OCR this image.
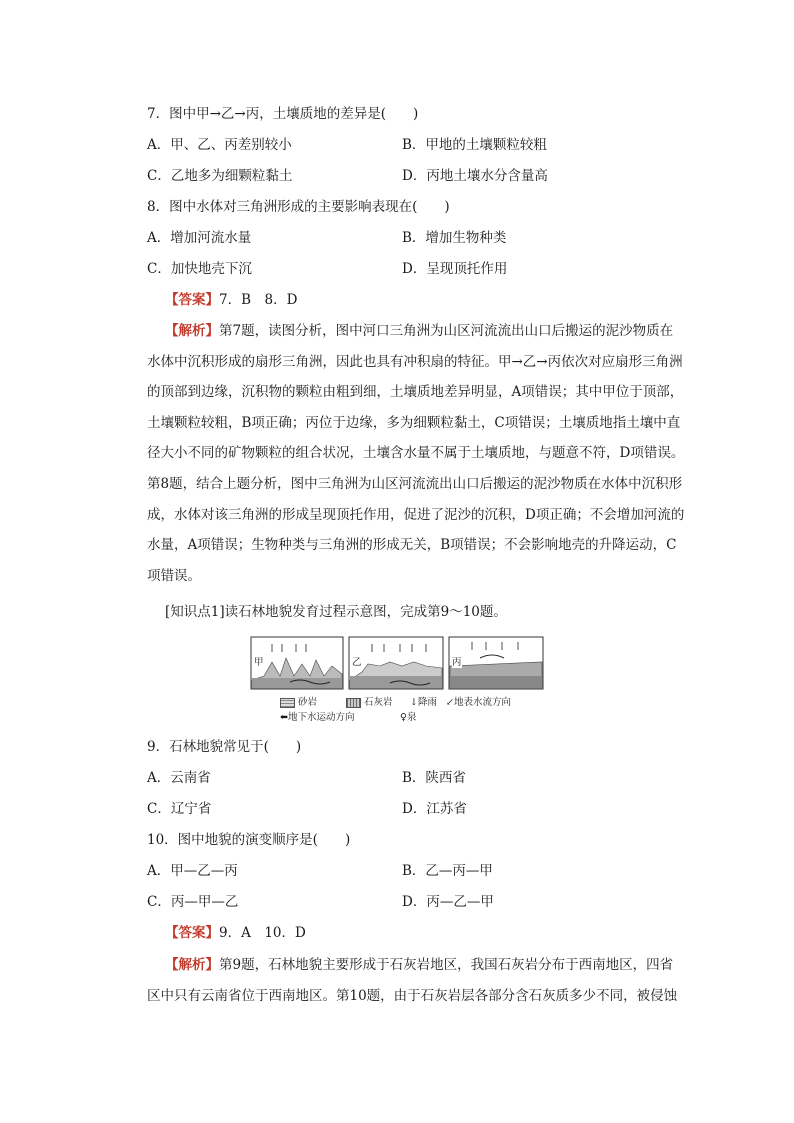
7．图中甲→乙→丙，土壤质地的差异是(　　)
A．甲、乙、丙差别较小	B．甲地的土壤颗粒较粗
C．乙地多为细颗粒黏土	D．丙地土壤水分含量高
8．图中水体对三角洲形成的主要影响表现在(　　)
A．增加河流水量	B．增加生物种类
C．加快地壳下沉	D．呈现顶托作用
【答案】7．B　8．D
【解析】第7题，读图分析，图中河口三角洲为山区河流流出山口后搬运的泥沙物质在
水体中沉积形成的扇形三角洲，因此也具有冲积扇的特征。甲→乙→丙依次对应扇形三角洲
的顶部到边缘，沉积物的颗粒由粗到细，土壤质地差异明显，A项错误；其中甲位于顶部，
土壤颗粒较粗，B项正确；丙位于边缘，多为细颗粒黏土，C项错误；土壤质地指土壤中直
径大小不同的矿物颗粒的组合状况，土壤含水量不属于土壤质地，与题意不符，D项错误。
第8题，结合上题分析，图中三角洲为山区河流流出山口后搬运的泥沙物质在水体中沉积形
成，水体对该三角洲的形成呈现顶托作用，促进了泥沙的沉积，D项正确；不会增加河流的
水量，A项错误；生物种类与三角洲的形成无关，B项错误；不会影响地壳的升降运动，C
项错误。
[知识点1]读石林地貌发育过程示意图，完成第9～10题。
甲	乙	丙
砂岩	石灰岩 ↓降雨 ↙地表水流方向
⬅地下水运动方向	♀泉
9．石林地貌常见于(　　)
A．云南省	B．陕西省
C．辽宁省	D．江苏省
10．图中地貌的演变顺序是(　　)
A．甲—乙—丙	B．乙—丙—甲
C．丙—甲—乙	D．丙—乙—甲
【答案】9．A　10．D
【解析】第9题，石林地貌主要形成于石灰岩地区，我国石灰岩分布于西南地区，四省
区中只有云南省位于西南地区。第10题，由于石灰岩层各部分含石灰质多少不同，被侵蚀
